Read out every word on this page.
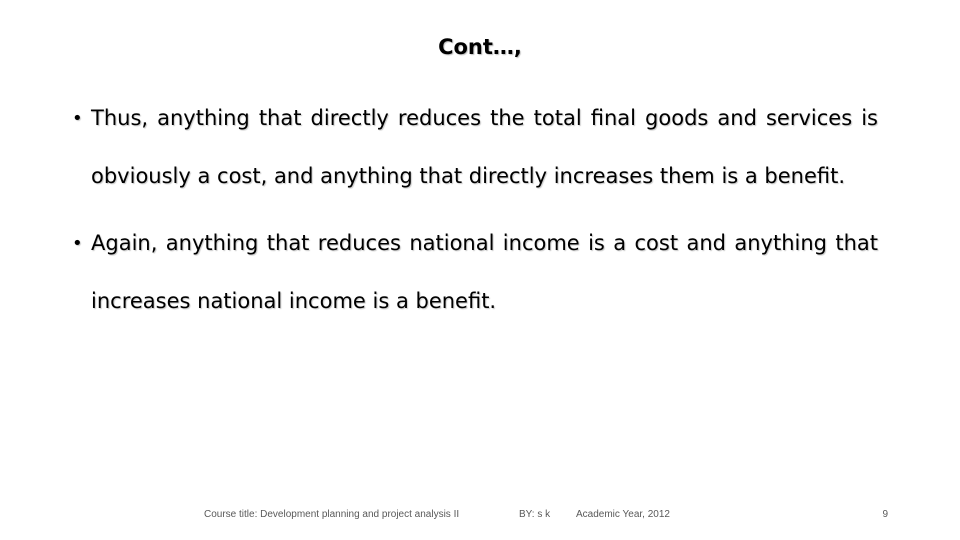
Cont…,
• Thus, anything that directly reduces the total final goods and services is obviously a cost, and anything that directly increases them is a benefit.
• Again, anything that reduces national income is a cost and anything that increases national income is a benefit.
Course title: Development planning and project analysis II	BY: s k	Academic Year, 2012	9
